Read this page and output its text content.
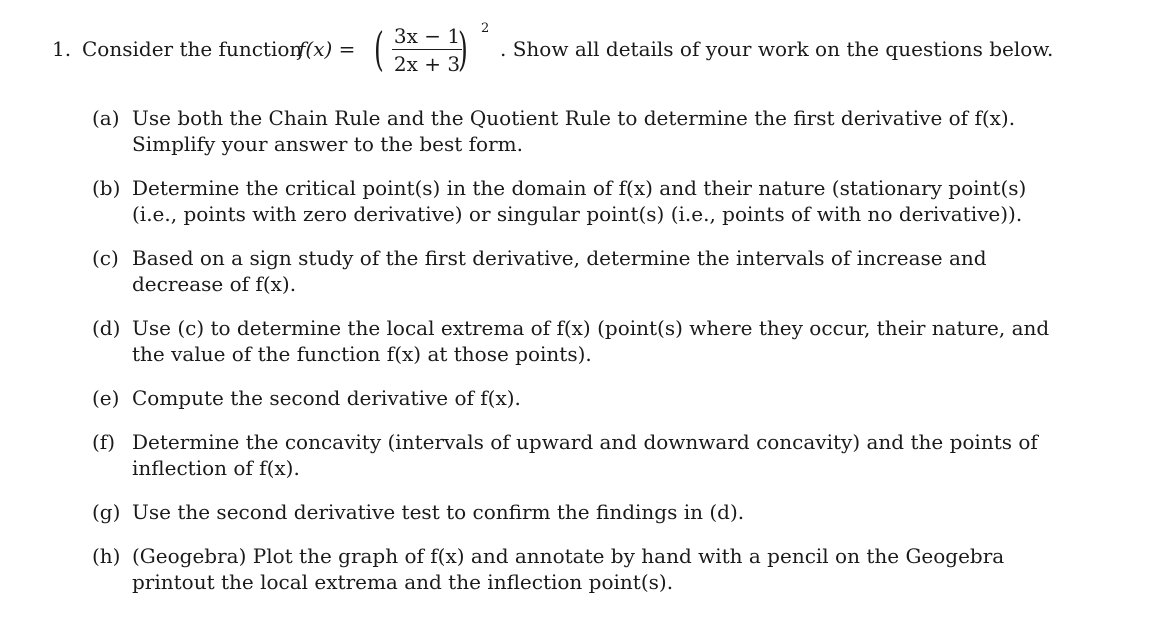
1. Consider the function
f(x) = ( 3x − 1
2x + 3
) 2
. Show all details of your work on the questions below.
(a) Use both the Chain Rule and the Quotient Rule to determine the first derivative of f(x). Simplify your answer to the best form.
(b) Determine the critical point(s) in the domain of f(x) and their nature (stationary point(s) (i.e., points with zero derivative) or singular point(s) (i.e., points of with no derivative)).
(c) Based on a sign study of the first derivative, determine the intervals of increase and decrease of f(x).
(d) Use (c) to determine the local extrema of f(x) (point(s) where they occur, their nature, and the value of the function f(x) at those points).
(e) Compute the second derivative of f(x).
(f) Determine the concavity (intervals of upward and downward concavity) and the points of inflection of f(x).
(g) Use the second derivative test to confirm the findings in (d).
(h) (Geogebra) Plot the graph of f(x) and annotate by hand with a pencil on the Geogebra printout the local extrema and the inflection point(s).
